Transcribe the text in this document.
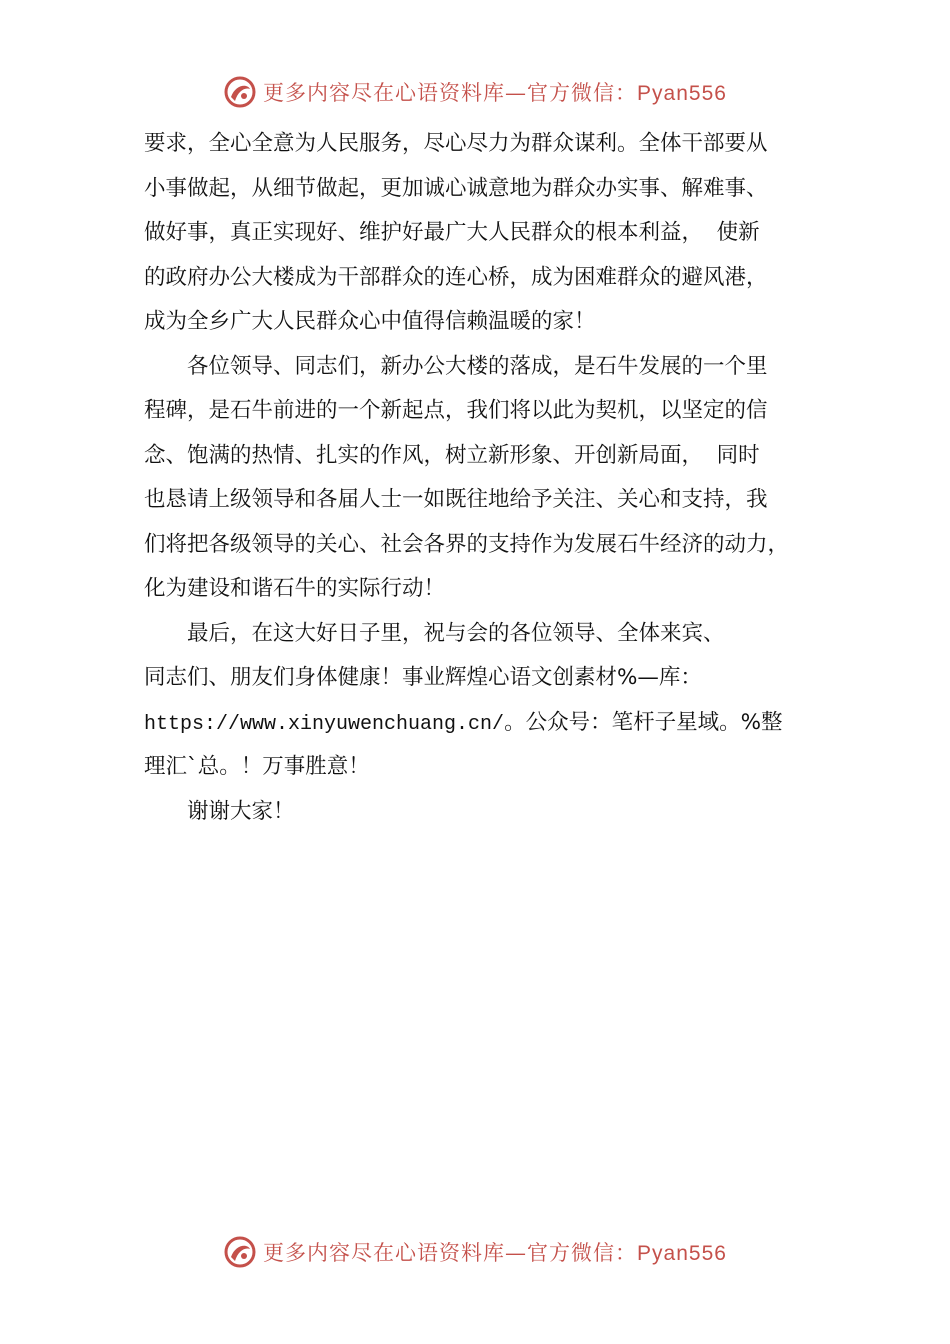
更多内容尽在心语资料库—官方微信：Pyan556
要求，全心全意为人民服务，尽心尽力为群众谋利。全体干部要从
小事做起，从细节做起，更加诚心诚意地为群众办实事、解难事、
做好事，真正实现好、维护好最广大人民群众的根本利益，  使新
的政府办公大楼成为干部群众的连心桥，成为困难群众的避风港，
成为全乡广大人民群众心中值得信赖温暖的家！
　　各位领导、同志们，新办公大楼的落成，是石牛发展的一个里
程碑，是石牛前进的一个新起点，我们将以此为契机，以坚定的信
念、饱满的热情、扎实的作风，树立新形象、开创新局面，  同时
也恳请上级领导和各届人士一如既往地给予关注、关心和支持，我
们将把各级领导的关心、社会各界的支持作为发展石牛经济的动力，
化为建设和谐石牛的实际行动！
　　最后，在这大好日子里，祝与会的各位领导、全体来宾、
同志们、朋友们身体健康！事业辉煌心语文创素材%—库：
https://www.xinyuwenchuang.cn/。公众号：笔杆子星域。%整
理汇`总。！万事胜意！
　　谢谢大家！
更多内容尽在心语资料库—官方微信：Pyan556
